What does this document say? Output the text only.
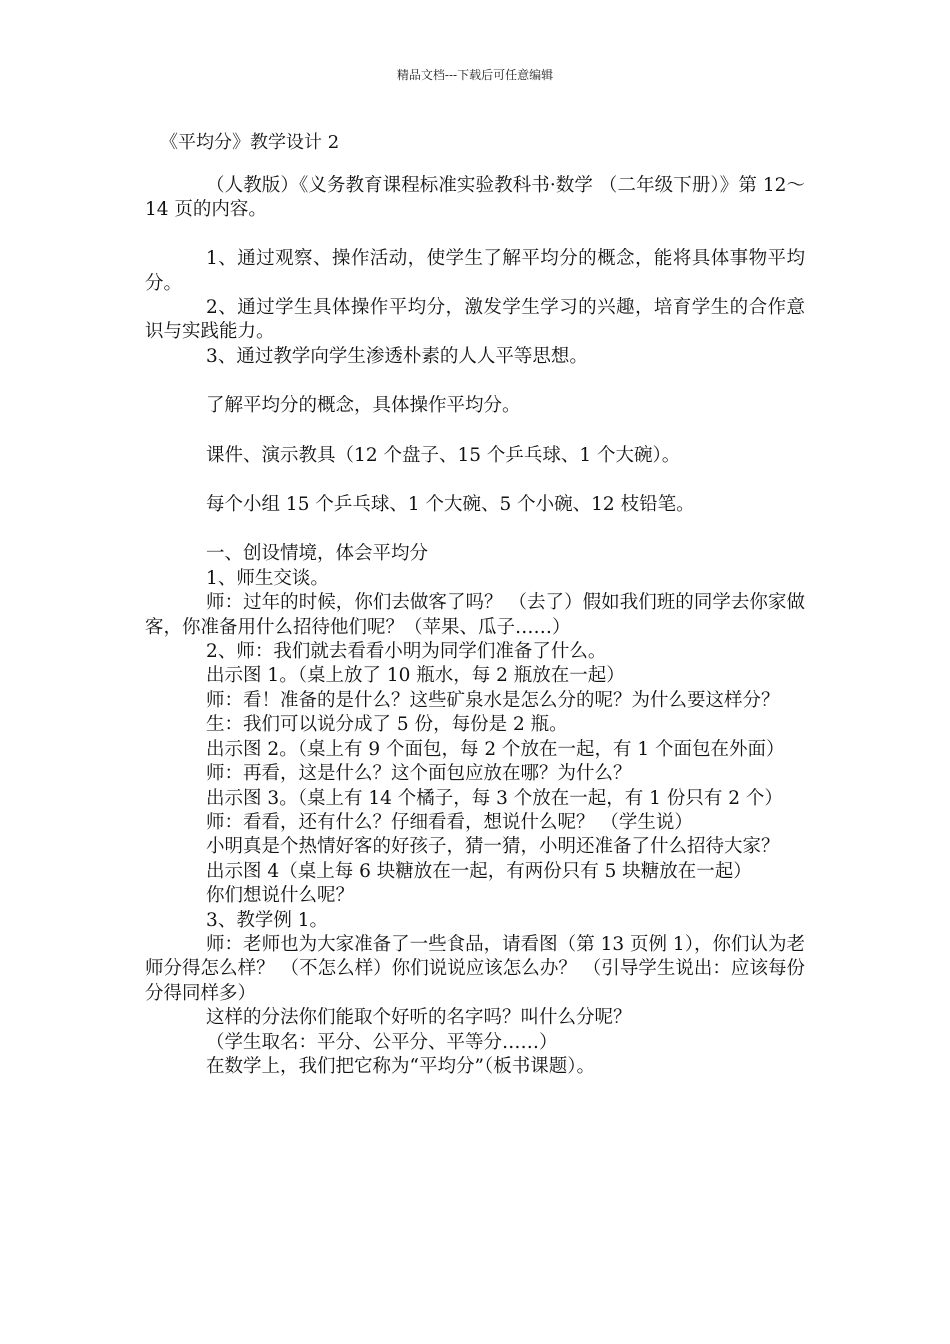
精品文档---下载后可任意编辑
《平均分》教学设计 2

（人教版）《义务教育课程标准实验教科书·数学 （二年级下册）》第 12～14 页的内容。

1、通过观察、操作活动，使学生了解平均分的概念，能将具体事物平均分。

2、通过学生具体操作平均分，激发学生学习的兴趣，培育学生的合作意识与实践能力。

3、通过教学向学生渗透朴素的人人平等思想。

了解平均分的概念，具体操作平均分。

课件、演示教具（12 个盘子、15 个乒乓球、1 个大碗）。

每个小组 15 个乒乓球、1 个大碗、5 个小碗、12 枝铅笔。

一、创设情境，体会平均分

1、师生交谈。

师：过年的时候，你们去做客了吗？ （去了）假如我们班的同学去你家做客，你准备用什么招待他们呢？（苹果、瓜子……）

2、师：我们就去看看小明为同学们准备了什么。

出示图 1。（桌上放了 10 瓶水，每 2 瓶放在一起）

师：看！准备的是什么？这些矿泉水是怎么分的呢？为什么要这样分？

生：我们可以说分成了 5 份，每份是 2 瓶。

出示图 2。（桌上有 9 个面包，每 2 个放在一起，有 1 个面包在外面）

师：再看，这是什么？这个面包应放在哪？为什么？

出示图 3。（桌上有 14 个橘子，每 3 个放在一起，有 1 份只有 2 个）

师：看看，还有什么？仔细看看，想说什么呢？ （学生说）

小明真是个热情好客的好孩子，猜一猜，小明还准备了什么招待大家？

出示图 4（桌上每 6 块糖放在一起，有两份只有 5 块糖放在一起）

你们想说什么呢？

3、教学例 1。

师：老师也为大家准备了一些食品，请看图（第 13 页例 1），你们认为老师分得怎么样？ （不怎么样）你们说说应该怎么办？ （引导学生说出：应该每份分得同样多）

这样的分法你们能取个好听的名字吗？叫什么分呢？

（学生取名：平分、公平分、平等分……）

在数学上，我们把它称为“平均分”（板书课题）。
